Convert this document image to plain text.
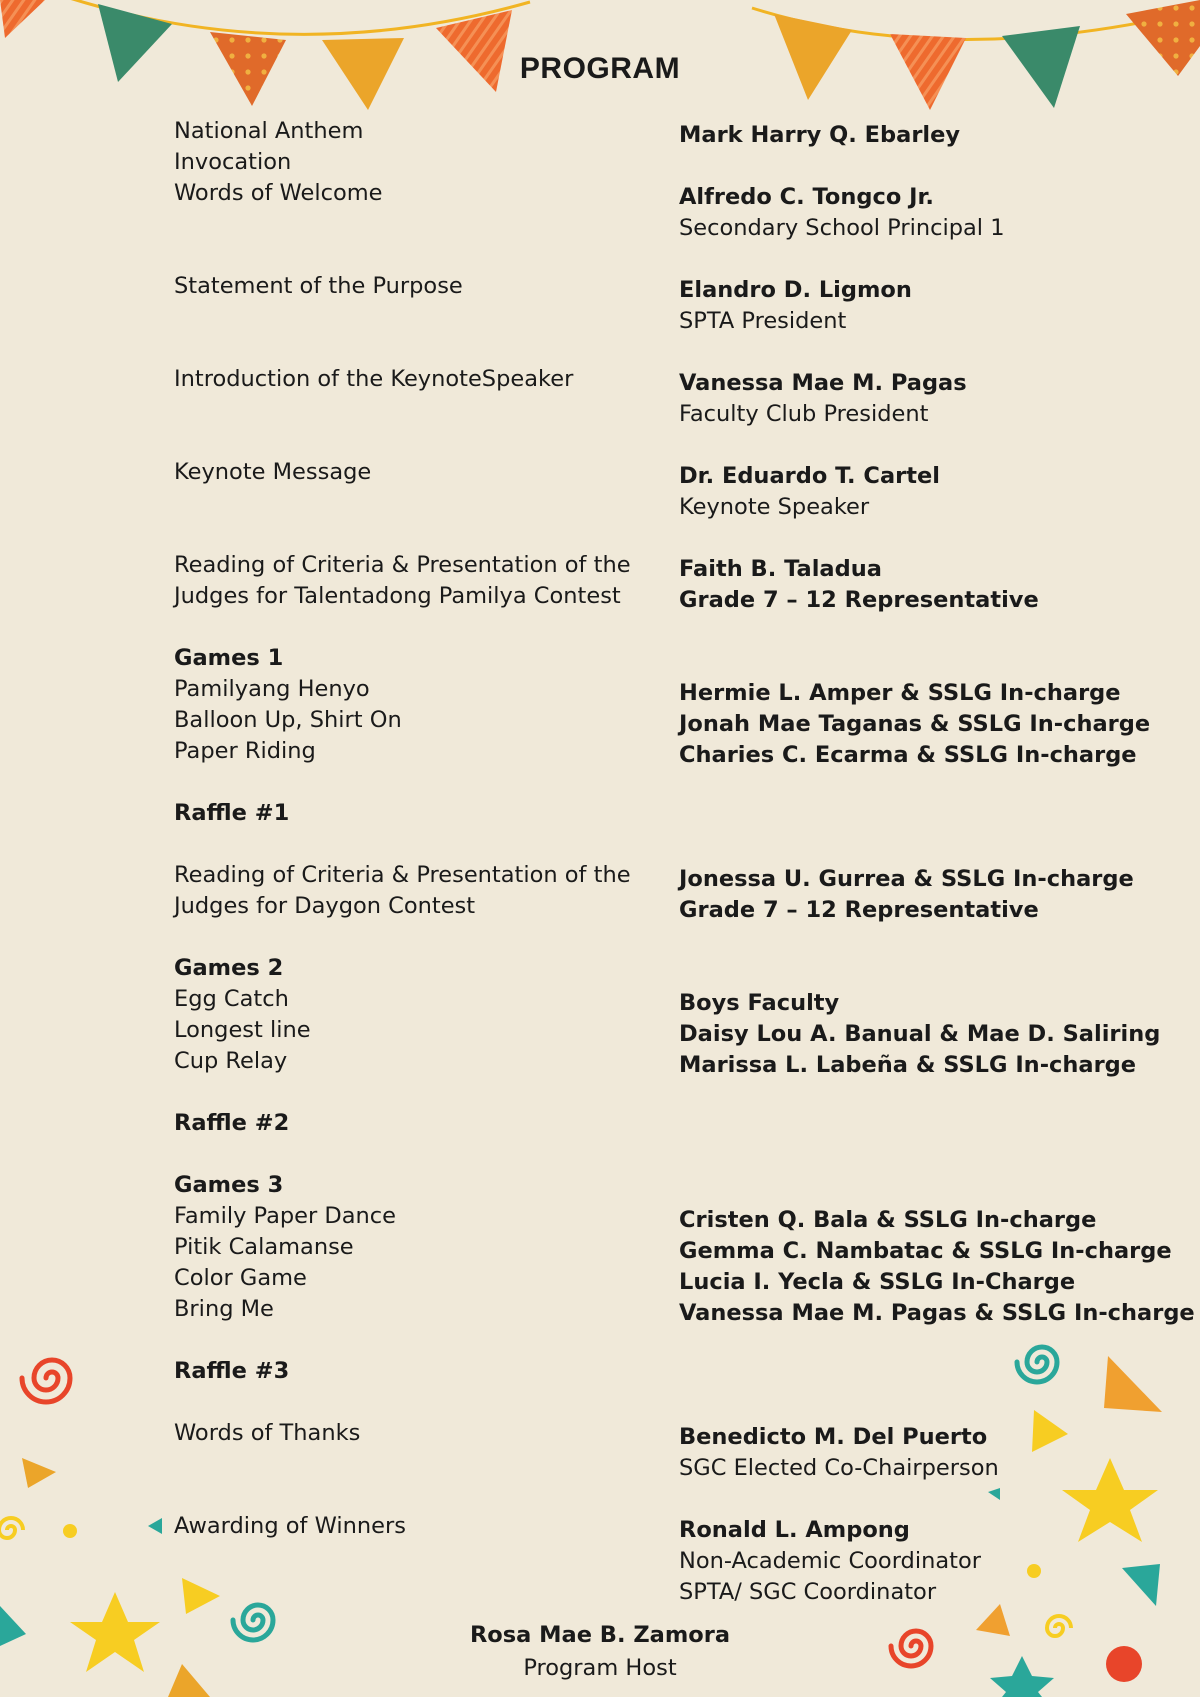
PROGRAM
National Anthem
Invocation
Words of Welcome
Statement of the Purpose
Introduction of the KeynoteSpeaker
Keynote Message
Reading of Criteria & Presentation of the
Judges for Talentadong Pamilya Contest
Games 1
Pamilyang Henyo
Balloon Up, Shirt On
Paper Riding
Raffle #1
Reading of Criteria & Presentation of the
Judges for Daygon Contest
Games 2
Egg Catch
Longest line
Cup Relay
Raffle #2
Games 3
Family Paper Dance
Pitik Calamanse
Color Game
Bring Me
Raffle #3
Words of Thanks
Awarding of Winners
Mark Harry Q. Ebarley
Alfredo C. Tongco Jr.
Secondary School Principal 1
Elandro D. Ligmon
SPTA President
Vanessa Mae M. Pagas
Faculty Club President
Dr. Eduardo T. Cartel
Keynote Speaker
Faith B. Taladua
Grade 7 – 12 Representative
Hermie L. Amper & SSLG In-charge
Jonah Mae Taganas & SSLG In-charge
Charies C. Ecarma & SSLG In-charge
Jonessa U. Gurrea & SSLG In-charge
Grade 7 – 12 Representative
Boys Faculty
Daisy Lou A. Banual & Mae D. Saliring
Marissa L. Labeña & SSLG In-charge
Cristen Q. Bala & SSLG In-charge
Gemma C. Nambatac & SSLG In-charge
Lucia I. Yecla & SSLG In-Charge
Vanessa Mae M. Pagas & SSLG In-charge
Benedicto M. Del Puerto
SGC Elected Co-Chairperson
Ronald L. Ampong
Non-Academic Coordinator
SPTA/ SGC Coordinator
Rosa Mae B. Zamora
Program Host
